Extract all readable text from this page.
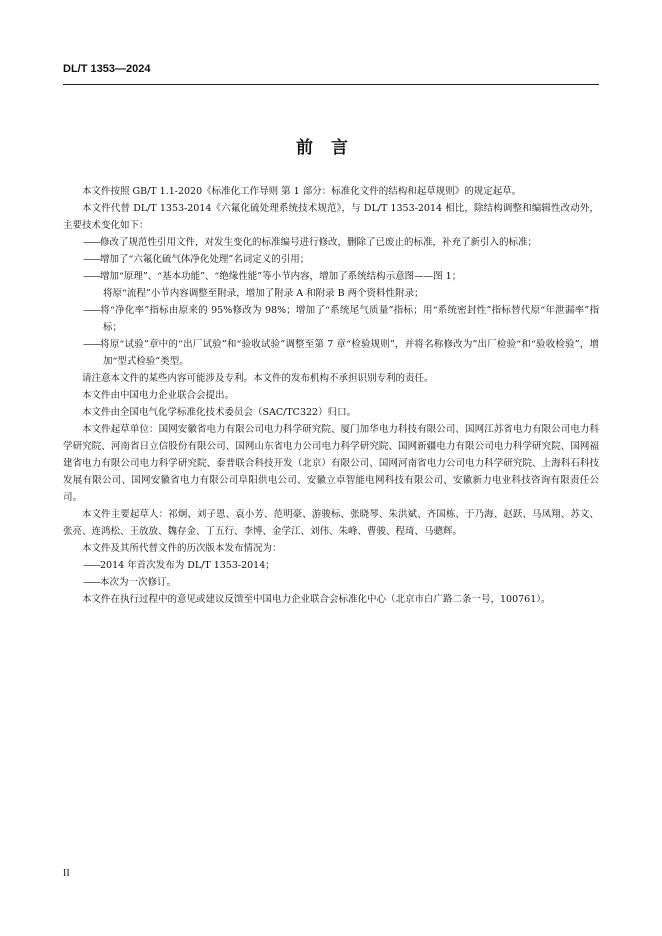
DL/T 1353—2024
前言

本文件按照 GB/T 1.1-2020《标准化工作导则 第 1 部分：标准化文件的结构和起草规则》的规定起草。

本文件代替 DL/T 1353-2014《六氟化硫处理系统技术规范》，与 DL/T 1353-2014 相比，除结构调整和编辑性改动外，主要技术变化如下：

——修改了规范性引用文件，对发生变化的标准编号进行修改，删除了已废止的标准，补充了新引入的标准；

——增加了“六氟化硫气体净化处理”名词定义的引用；

——增加“原理”、“基本功能”、“绝缘性能”等小节内容，增加了系统结构示意图——图 1；

将原“流程”小节内容调整至附录，增加了附录 A 和附录 B 两个资料性附录；

——将“净化率”指标由原来的 95%修改为 98%；增加了“系统尾气质量”指标；用“系统密封性”指标替代原“年泄漏率”指标；

——将原“试验”章中的“出厂试验”和“验收试验”调整至第 7 章“检验规则”，并将名称修改为”出厂检验“和“验收检验”，增加“型式检验”类型。

请注意本文件的某些内容可能涉及专利。本文件的发布机构不承担识别专利的责任。

本文件由中国电力企业联合会提出。

本文件由全国电气化学标准化技术委员会（SAC/TC322）归口。

本文件起草单位：国网安徽省电力有限公司电力科学研究院、厦门加华电力科技有限公司、国网江苏省电力有限公司电力科学研究院、河南省日立信股份有限公司、国网山东省电力公司电力科学研究院、国网新疆电力有限公司电力科学研究院、国网福建省电力有限公司电力科学研究院、泰普联合科技开发（北京）有限公司、国网河南省电力公司电力科学研究院、上海科石科技发展有限公司、国网安徽省电力有限公司阜阳供电公司、安徽立卓智能电网科技有限公司、安徽新力电业科技咨询有限责任公司。

本文件主要起草人：祁炯、刘子恩、袁小芳、范明豪、游骏标、张晓琴、朱洪斌、齐国栋、于乃海、赵跃、马凤翔、苏文、张亮、连鸿松、王放放、魏存金、丁五行、李博、金学江、刘伟、朱峰、曹骏、程琦、马骢辉。

本文件及其所代替文件的历次版本发布情况为：

——2014 年首次发布为 DL/T 1353-2014；

——本次为一次修订。

本文件在执行过程中的意见或建议反馈至中国电力企业联合会标准化中心（北京市白广路二条一号，100761）。

II
